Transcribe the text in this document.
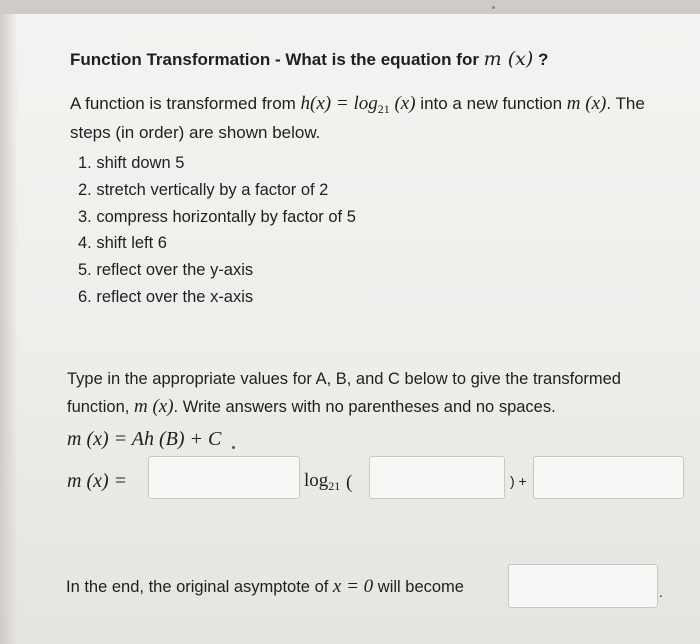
Function Transformation - What is the equation for m (x) ?
A function is transformed from $h(x) = \log_{21} (x)$ into a new function m (x). The
steps (in order) are shown below.
1. shift down 5
2. stretch vertically by a factor of 2
3. compress horizontally by factor of 5
4. shift left 6
5. reflect over the y-axis
6. reflect over the x-axis
Type in the appropriate values for A, B, and C below to give the transformed
function, m (x). Write answers with no parentheses and no spaces.
m (x) = Ah (B) + C
m (x) =	$\log_{21}$ (	) +
In the end, the original asymptote of x = 0 will become	.
